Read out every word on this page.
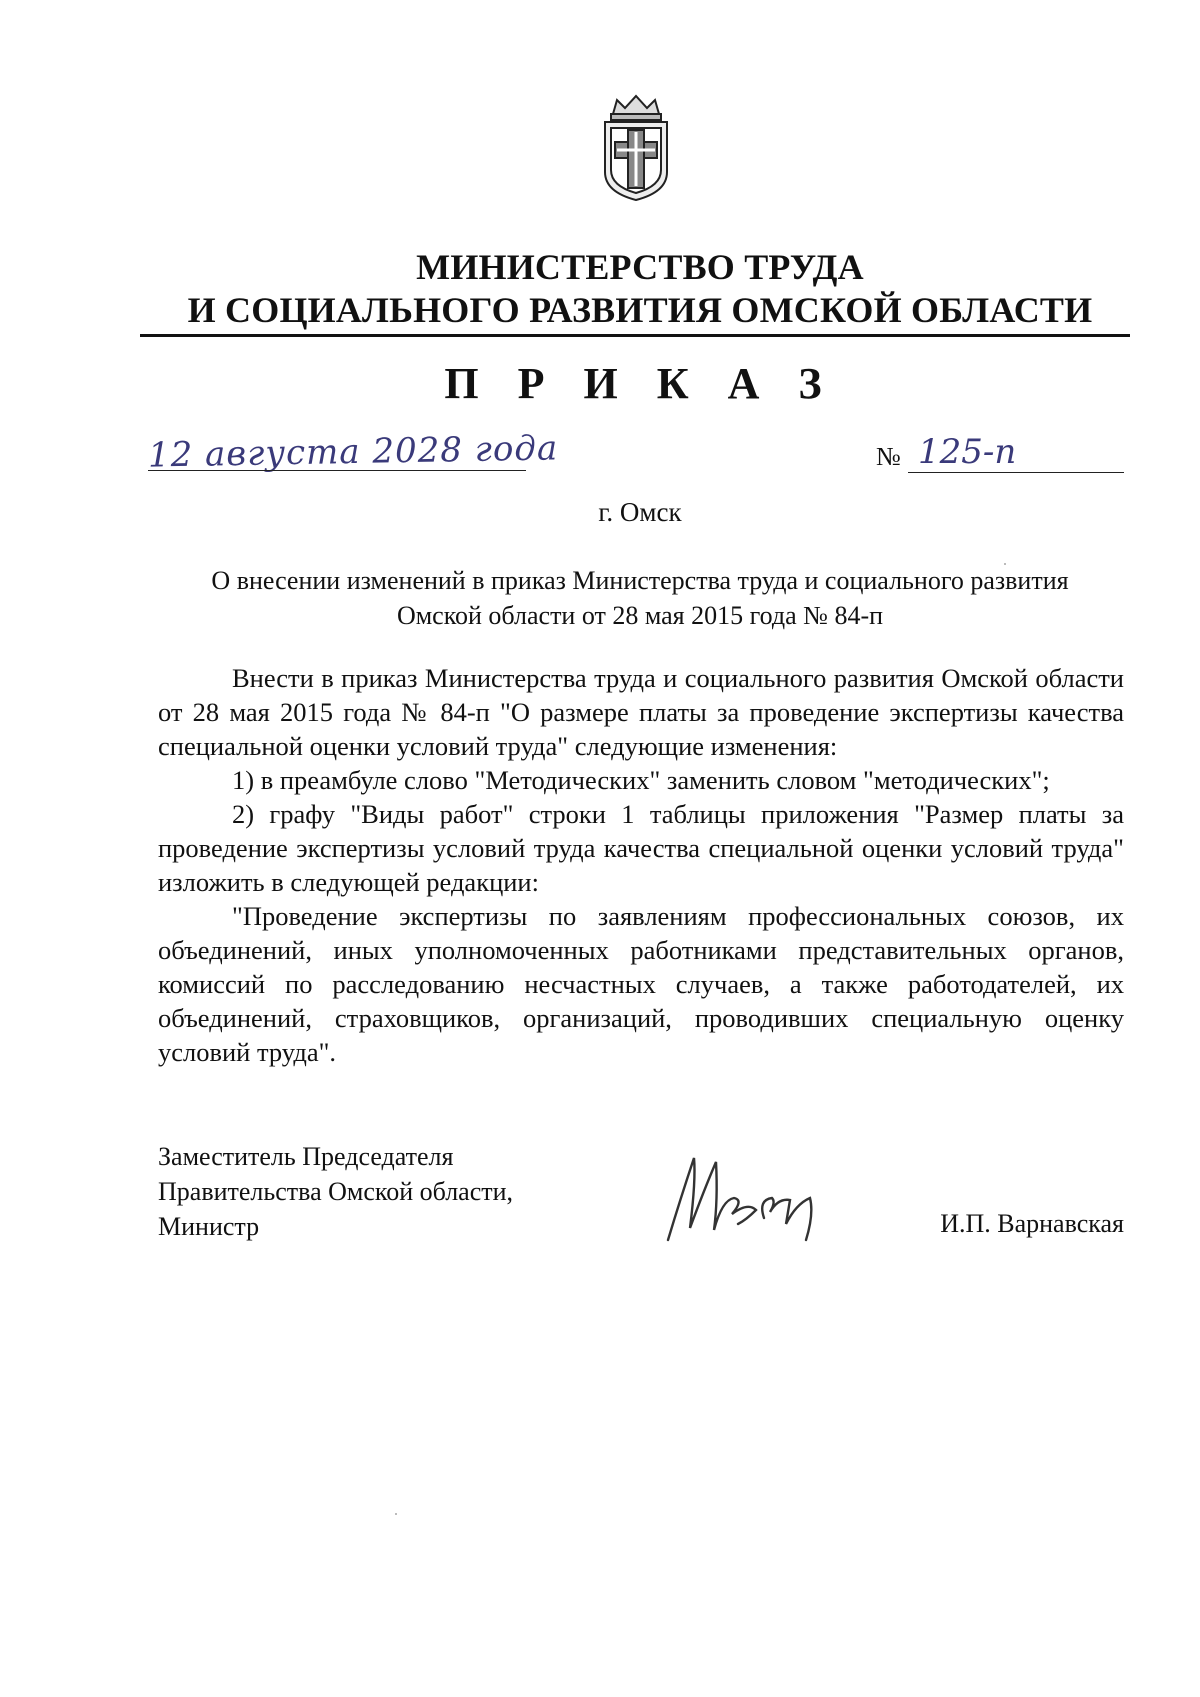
МИНИСТЕРСТВО ТРУДА
И СОЦИАЛЬНОГО РАЗВИТИЯ ОМСКОЙ ОБЛАСТИ
П Р И К А З
12 августа 2028 года	№ 125-п
г. Омск
О внесении изменений в приказ Министерства труда и социального развития
Омской области от 28 мая 2015 года № 84-п

Внести в приказ Министерства труда и социального развития Омской области от 28 мая 2015 года № 84-п "О размере платы за проведение экспертизы качества специальной оценки условий труда" следующие изменения:

1) в преамбуле слово "Методических" заменить словом "методических";

2) графу "Виды работ" строки 1 таблицы приложения "Размер платы за проведение экспертизы условий труда качества специальной оценки условий труда" изложить в следующей редакции:

"Проведение экспертизы по заявлениям профессиональных союзов, их объединений, иных уполномоченных работниками представительных органов, комиссий по расследованию несчастных случаев, а также работодателей, их объединений, страховщиков, организаций, проводивших специальную оценку условий труда".

Заместитель Председателя
Правительства Омской области,
Министр	И.П. Варнавская
